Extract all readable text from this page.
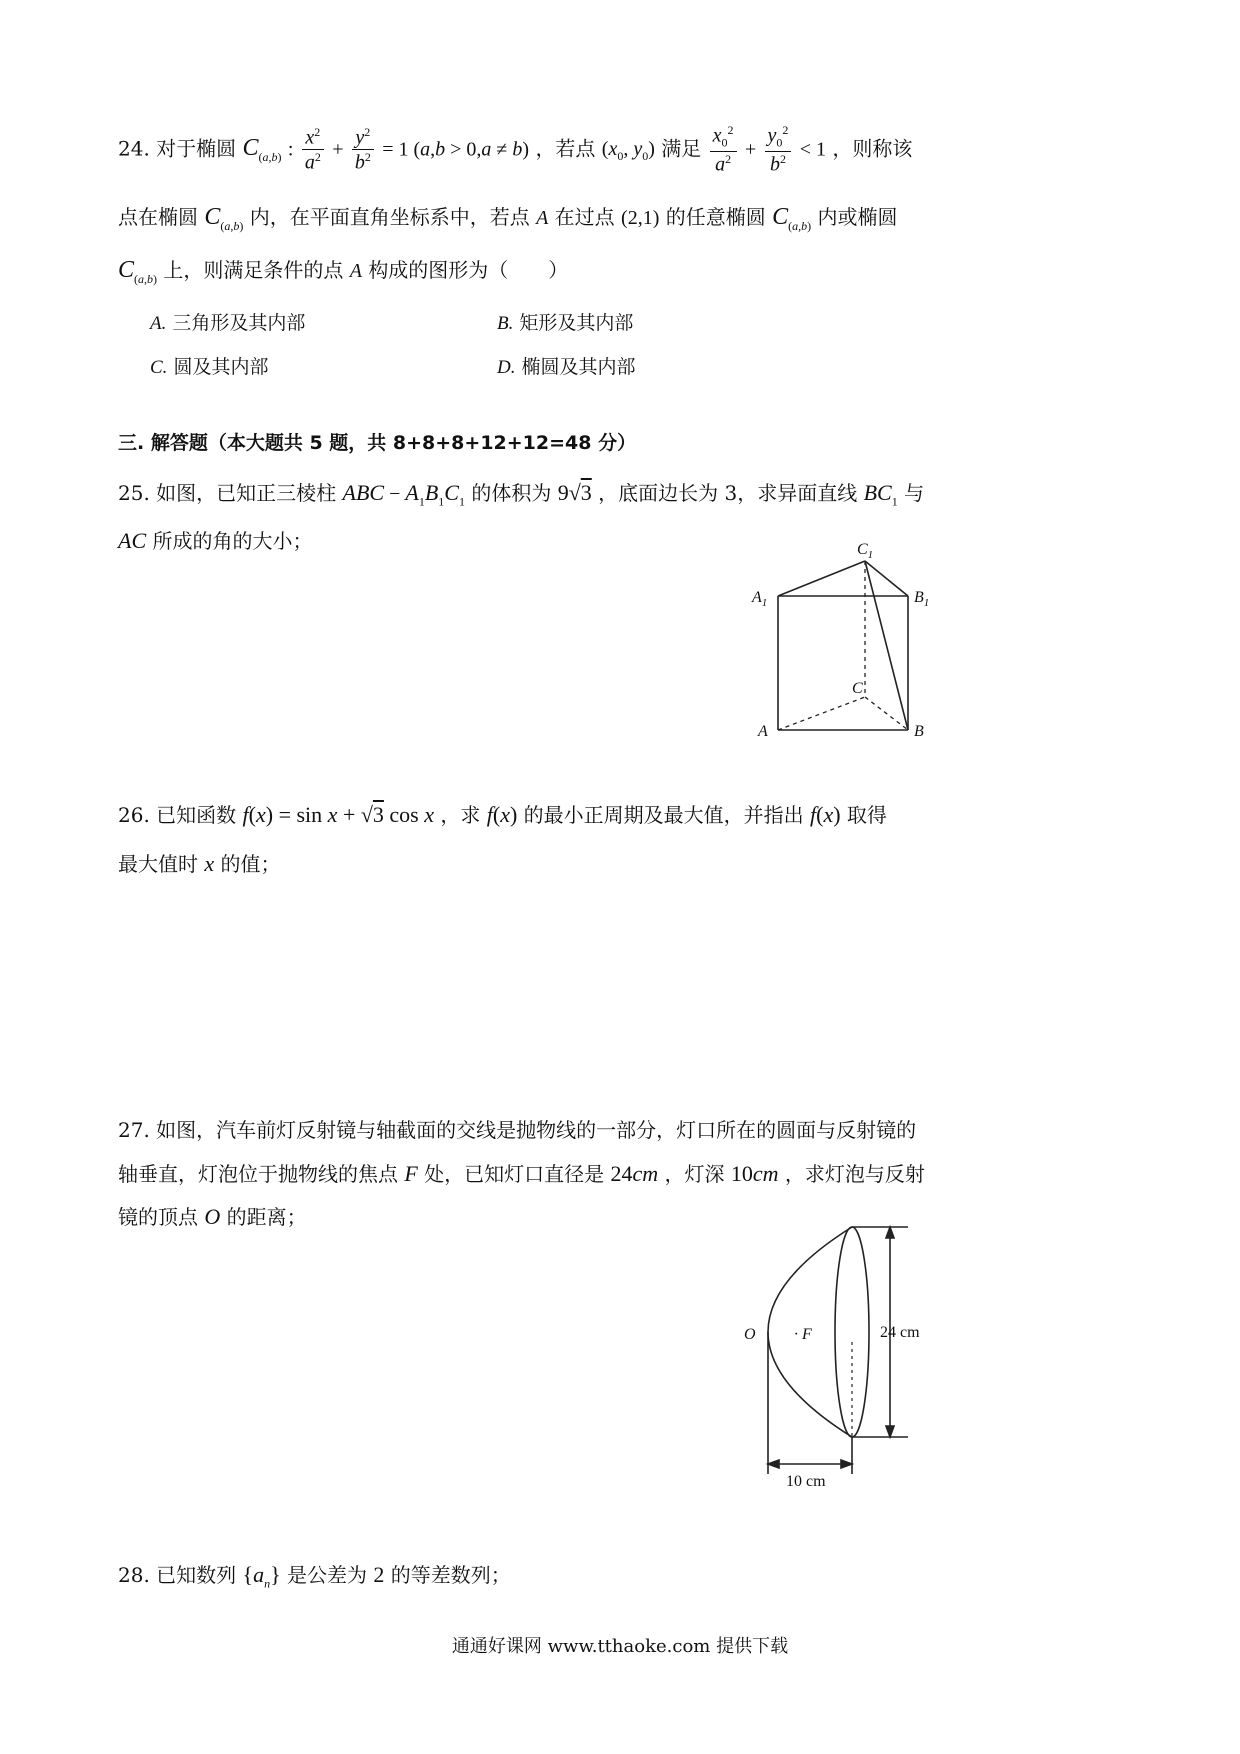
24. 对于椭圆 $C_{(a,b)}$ : $\frac{x^2}{a^2} + \frac{y^2}{b^2} = 1$ (a,b > 0,a ≠ b) ，若点 ($x_0$, $y_0$) 满足 $\frac{x_0^2}{a^2} + \frac{y_0^2}{b^2} < 1$ ，则称该
点在椭圆 $C_{(a,b)}$ 内，在平面直角坐标系中，若点 A 在过点 (2,1) 的任意椭圆 $C_{(a,b)}$ 内或椭圆
$C_{(a,b)}$ 上，则满足条件的点 A 构成的图形为（　　）
A. 三角形及其内部	B. 矩形及其内部
C. 圆及其内部	D. 椭圆及其内部
三. 解答题（本大题共 5 题，共 8+8+8+12+12=48 分）
25. 如图，已知正三棱柱 ABC − $A_1B_1C_1$ 的体积为 9√3 ，底面边长为 3，求异面直线 $BC_1$ 与
AC 所成的角的大小；	$C_1$
$A_1$	$B_1$
C
A	B
26. 已知函数 f(x) = sin x + √3 cos x ，求 f(x) 的最小正周期及最大值，并指出 f(x) 取得
最大值时 x 的值；
27. 如图，汽车前灯反射镜与轴截面的交线是抛物线的一部分，灯口所在的圆面与反射镜的
轴垂直，灯泡位于抛物线的焦点 F 处，已知灯口直径是 24cm ，灯深 10cm ，求灯泡与反射
镜的顶点 O 的距离；
O · F	24 cm
10 cm
28. 已知数列 $\{a_n\}$ 是公差为 2 的等差数列；
通通好课网 www.tthaoke.com 提供下载
